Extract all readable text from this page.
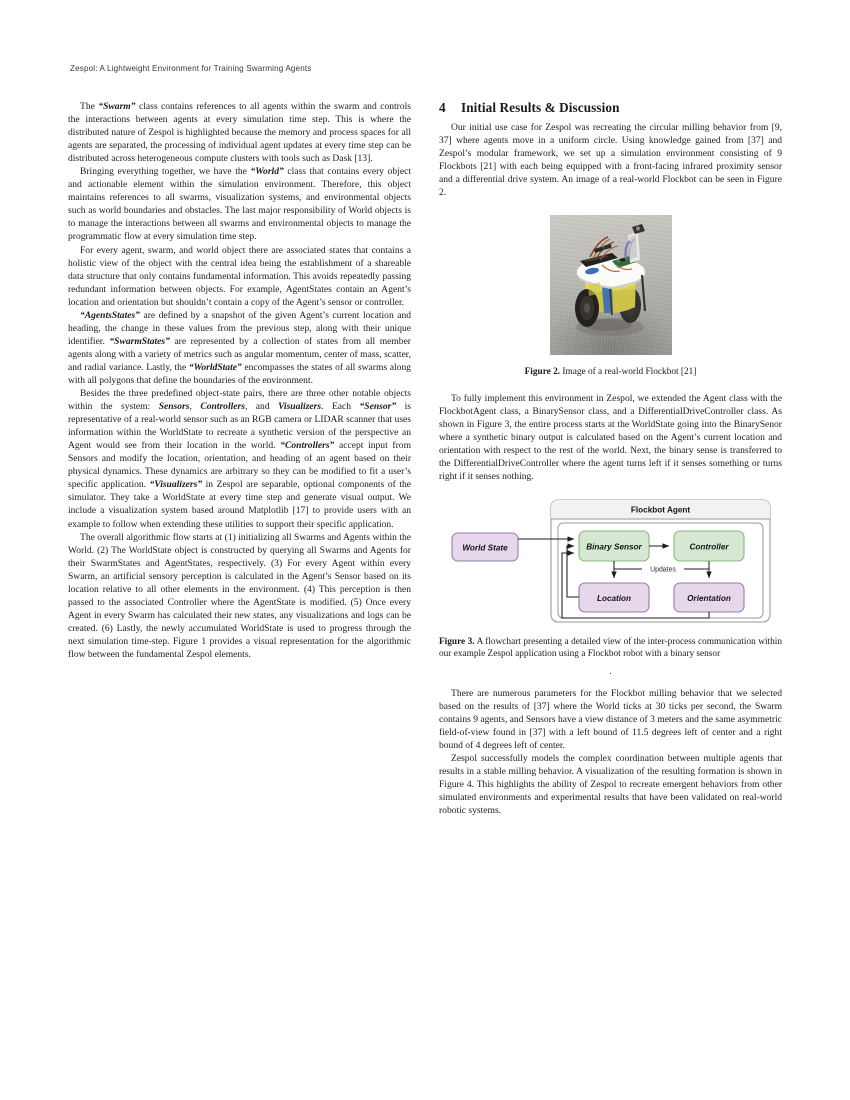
Zespol: A Lightweight Environment for Training Swarming Agents

The “Swarm” class contains references to all agents within the swarm and controls the interactions between agents at every simulation time step. This is where the distributed nature of Zespol is highlighted because the memory and process spaces for all agents are separated, the processing of individual agent updates at every time step can be distributed across heterogeneous compute clusters with tools such as Dask [13].

Bringing everything together, we have the “World” class that contains every object and actionable element within the simulation environment. Therefore, this object maintains references to all swarms, visualization systems, and environmental objects such as world boundaries and obstacles. The last major responsibility of World objects is to manage the interactions between all swarms and environmental objects to manage the programmatic flow at every simulation time step.

For every agent, swarm, and world object there are associated states that contains a holistic view of the object with the central idea being the establishment of a shareable data structure that only contains fundamental information. This avoids repeatedly passing redundant information between objects. For example, AgentStates contain an Agent’s location and orientation but shouldn’t contain a copy of the Agent’s sensor or controller.

“AgentsStates” are defined by a snapshot of the given Agent’s current location and heading, the change in these values from the previous step, along with their unique identifier. “SwarmStates” are represented by a collection of states from all member agents along with a variety of metrics such as angular momentum, center of mass, scatter, and radial variance. Lastly, the “WorldState” encompasses the states of all swarms along with all polygons that define the boundaries of the environment.

Besides the three predefined object-state pairs, there are three other notable objects within the system: Sensors, Controllers, and Visualizers. Each “Sensor” is representative of a real-world sensor such as an RGB camera or LIDAR scanner that uses information within the WorldState to recreate a synthetic version of the perspective an Agent would see from their location in the world. “Controllers” accept input from Sensors and modify the location, orientation, and heading of an agent based on their physical dynamics. These dynamics are arbitrary so they can be modified to fit a user’s specific application. “Visualizers” in Zespol are separable, optional components of the simulator. They take a WorldState at every time step and generate visual output. We include a visualization system based around Matplotlib [17] to provide users with an example to follow when extending these utilities to support their specific application.

The overall algorithmic flow starts at (1) initializing all Swarms and Agents within the World. (2) The WorldState object is constructed by querying all Swarms and Agents for their SwarmStates and AgentStates, respectively. (3) For every Agent within every Swarm, an artificial sensory perception is calculated in the Agent’s Sensor based on its location relative to all other elements in the environment. (4) This perception is then passed to the associated Controller where the AgentState is modified. (5) Once every Agent in every Swarm has calculated their new states, any visualizations and logs can be created. (6) Lastly, the newly accumulated WorldState is used to progress through the next simulation time-step. Figure 1 provides a visual representation for the algorithmic flow between the fundamental Zespol elements.

4 Initial Results & Discussion

Our initial use case for Zespol was recreating the circular milling behavior from [9, 37] where agents move in a uniform circle. Using knowledge gained from [37] and Zespol’s modular framework, we set up a simulation environment consisting of 9 Flockbots [21] with each being equipped with a front-facing infrared proximity sensor and a differential drive system. An image of a real-world Flockbot can be seen in Figure 2.

Figure 2. Image of a real-world Flockbot [21]

To fully implement this environment in Zespol, we extended the Agent class with the FlockbotAgent class, a BinarySensor class, and a DifferentialDriveController class. As shown in Figure 3, the entire process starts at the WorldState going into the BinarySenor where a synthetic binary output is calculated based on the Agent’s current location and orientation with respect to the rest of the world. Next, the binary sense is transferred to the DifferentialDriveController where the agent turns left if it senses something or turns right if it senses nothing.

Flockbot Agent
World State	Binary Sensor	Controller
Location	Orientation
Updates

Figure 3. A flowchart presenting a detailed view of the inter-process communication within our example Zespol application using a Flockbot robot with a binary sensor

.

There are numerous parameters for the Flockbot milling behavior that we selected based on the results of [37] where the World ticks at 30 ticks per second, the Swarm contains 9 agents, and Sensors have a view distance of 3 meters and the same asymmetric field-of-view found in [37] with a left bound of 11.5 degrees left of center and a right bound of 4 degrees left of center.

Zespol successfully models the complex coordination between multiple agents that results in a stable milling behavior. A visualization of the resulting formation is shown in Figure 4. This highlights the ability of Zespol to recreate emergent behaviors from other simulated environments and experimental results that have been validated on real-world robotic systems.
